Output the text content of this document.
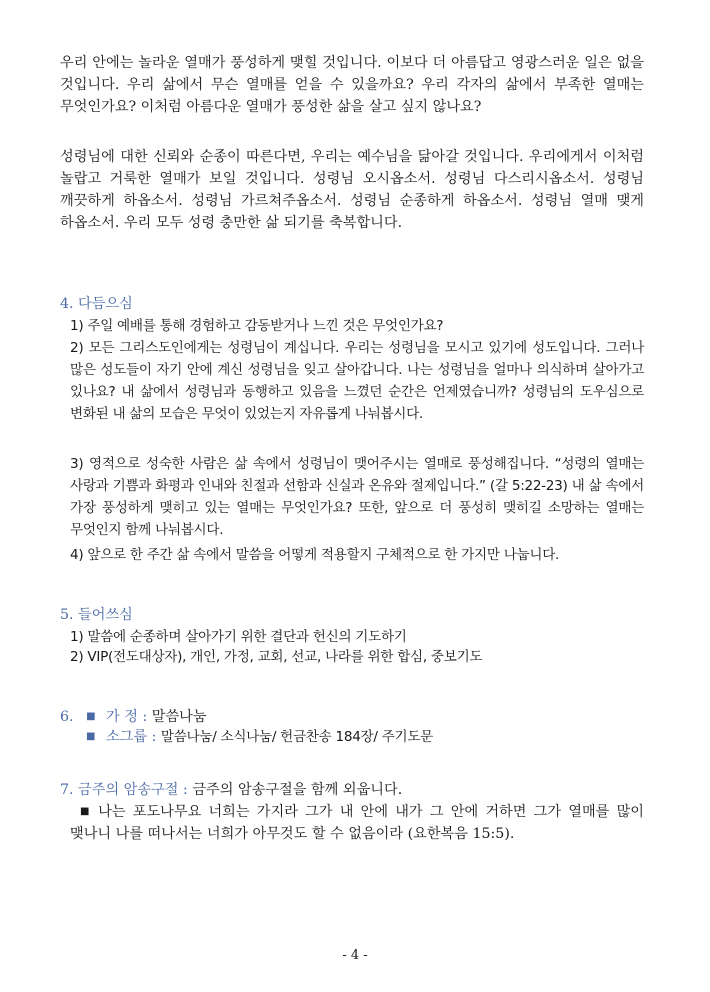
우리 안에는 놀라운 열매가 풍성하게 맺힐 것입니다. 이보다 더 아름답고 영광스러운 일은 없을 것입니다. 우리 삶에서 무슨 열매를 얻을 수 있을까요? 우리 각자의 삶에서 부족한 열매는 무엇인가요? 이처럼 아름다운 열매가 풍성한 삶을 살고 싶지 않나요?

성령님에 대한 신뢰와 순종이 따른다면, 우리는 예수님을 닮아갈 것입니다. 우리에게서 이처럼 놀랍고 거룩한 열매가 보일 것입니다. 성령님 오시옵소서. 성령님 다스리시옵소서. 성령님 깨끗하게 하옵소서. 성령님 가르쳐주옵소서. 성령님 순종하게 하옵소서. 성령님 열매 맺게 하옵소서. 우리 모두 성령 충만한 삶 되기를 축복합니다.

4. 다듬으심

1) 주일 예배를 통해 경험하고 감동받거나 느낀 것은 무엇인가요?

2) 모든 그리스도인에게는 성령님이 계십니다. 우리는 성령님을 모시고 있기에 성도입니다. 그러나 많은 성도들이 자기 안에 계신 성령님을 잊고 살아갑니다. 나는 성령님을 얼마나 의식하며 살아가고 있나요? 내 삶에서 성령님과 동행하고 있음을 느꼈던 순간은 언제였습니까? 성령님의 도우심으로 변화된 내 삶의 모습은 무엇이 있었는지 자유롭게 나눠봅시다.

3) 영적으로 성숙한 사람은 삶 속에서 성령님이 맺어주시는 열매로 풍성해집니다. “성령의 열매는 사랑과 기쁨과 화평과 인내와 친절과 선함과 신실과 온유와 절제입니다.” (갈 5:22-23) 내 삶 속에서 가장 풍성하게 맺히고 있는 열매는 무엇인가요? 또한, 앞으로 더 풍성히 맺히길 소망하는 열매는 무엇인지 함께 나눠봅시다.

4) 앞으로 한 주간 삶 속에서 말씀을 어떻게 적용할지 구체적으로 한 가지만 나눕니다.

5. 들어쓰심

1) 말씀에 순종하며 살아가기 위한 결단과 헌신의 기도하기

2) VIP(전도대상자), 개인, 가정, 교회, 선교, 나라를 위한 합심, 중보기도

6. ■ 가 정 : 말씀나눔

■ 소그룹 : 말씀나눔/ 소식나눔/ 헌금찬송 184장/ 주기도문

7. 금주의 암송구절 : 금주의 암송구절을 함께 외웁니다.

■ 나는 포도나무요 너희는 가지라 그가 내 안에 내가 그 안에 거하면 그가 열매를 많이 맺나니 나를 떠나서는 너희가 아무것도 할 수 없음이라 (요한복음 15:5).

- 4 -
